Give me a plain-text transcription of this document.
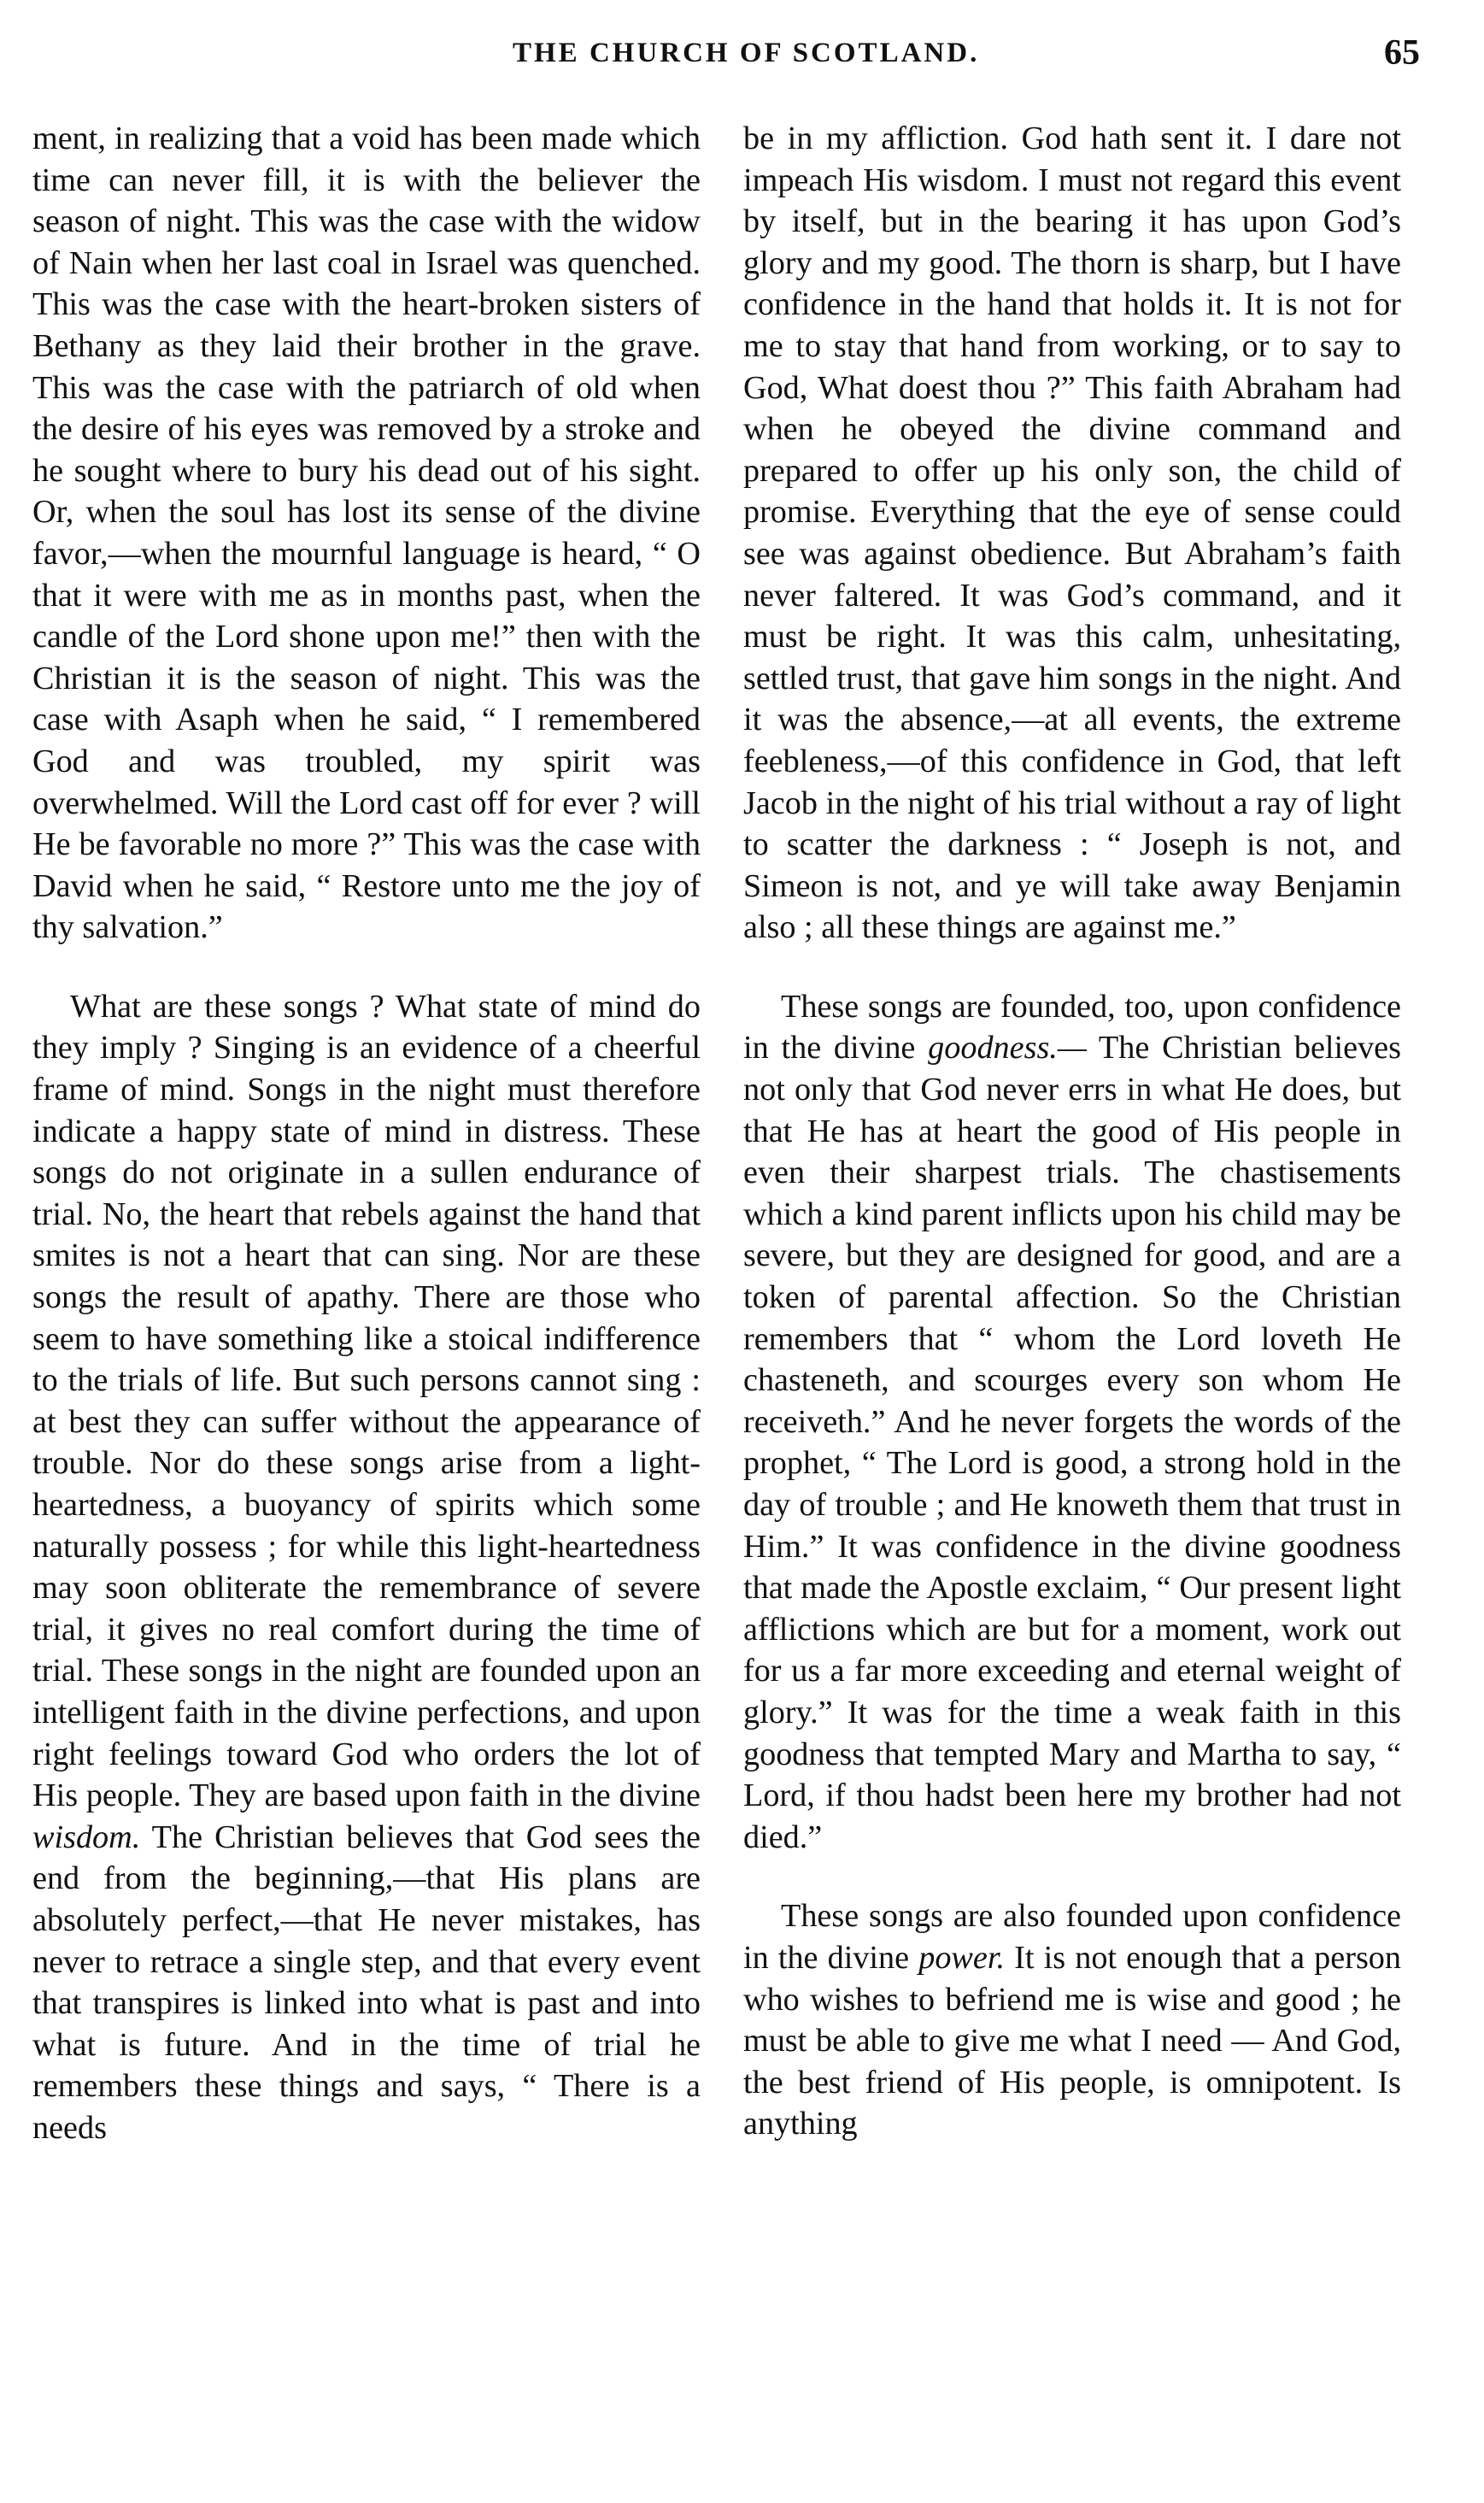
THE CHURCH OF SCOTLAND.	65

ment, in realizing that a void has been made which time can never fill, it is with the believer the season of night. This was the case with the widow of Nain when her last coal in Israel was quenched. This was the case with the heart-broken sisters of Bethany as they laid their brother in the grave. This was the case with the patriarch of old when the desire of his eyes was removed by a stroke and he sought where to bury his dead out of his sight. Or, when the soul has lost its sense of the divine favor,—when the mournful language is heard, “ O that it were with me as in months past, when the candle of the Lord shone upon me!” then with the Christian it is the season of night. This was the case with Asaph when he said, “ I remembered God and was troubled, my spirit was overwhelmed. Will the Lord cast off for ever ? will He be favorable no more ?” This was the case with David when he said, “ Restore unto me the joy of thy salvation.”

What are these songs ? What state of mind do they imply ? Singing is an evidence of a cheerful frame of mind. Songs in the night must therefore indicate a happy state of mind in distress. These songs do not originate in a sullen endurance of trial. No, the heart that rebels against the hand that smites is not a heart that can sing. Nor are these songs the result of apathy. There are those who seem to have something like a stoical indifference to the trials of life. But such persons cannot sing : at best they can suffer without the appearance of trouble. Nor do these songs arise from a light-heartedness, a buoyancy of spirits which some naturally possess ; for while this light-heartedness may soon obliterate the remembrance of severe trial, it gives no real comfort during the time of trial. These songs in the night are founded upon an intelligent faith in the divine perfections, and upon right feelings toward God who orders the lot of His people. They are based upon faith in the divine wisdom. The Christian believes that God sees the end from the beginning,—that His plans are absolutely perfect,—that He never mistakes, has never to retrace a single step, and that every event that transpires is linked into what is past and into what is future. And in the time of trial he remembers these things and says, “ There is a needs

be in my affliction. God hath sent it. I dare not impeach His wisdom. I must not regard this event by itself, but in the bearing it has upon God’s glory and my good. The thorn is sharp, but I have confidence in the hand that holds it. It is not for me to stay that hand from working, or to say to God, What doest thou ?” This faith Abraham had when he obeyed the divine command and prepared to offer up his only son, the child of promise. Everything that the eye of sense could see was against obedience. But Abraham’s faith never faltered. It was God’s command, and it must be right. It was this calm, unhesitating, settled trust, that gave him songs in the night. And it was the absence,—at all events, the extreme feebleness,—of this confidence in God, that left Jacob in the night of his trial without a ray of light to scatter the darkness : “ Joseph is not, and Simeon is not, and ye will take away Benjamin also ; all these things are against me.”

These songs are founded, too, upon confidence in the divine goodness.— The Christian believes not only that God never errs in what He does, but that He has at heart the good of His people in even their sharpest trials. The chastisements which a kind parent inflicts upon his child may be severe, but they are designed for good, and are a token of parental affection. So the Christian remembers that “ whom the Lord loveth He chasteneth, and scourges every son whom He receiveth.” And he never forgets the words of the prophet, “ The Lord is good, a strong hold in the day of trouble ; and He knoweth them that trust in Him.” It was confidence in the divine goodness that made the Apostle exclaim, “ Our present light afflictions which are but for a moment, work out for us a far more exceeding and eternal weight of glory.” It was for the time a weak faith in this goodness that tempted Mary and Martha to say, “ Lord, if thou hadst been here my brother had not died.”

These songs are also founded upon confidence in the divine power. It is not enough that a person who wishes to befriend me is wise and good ; he must be able to give me what I need — And God, the best friend of His people, is omnipotent. Is anything
